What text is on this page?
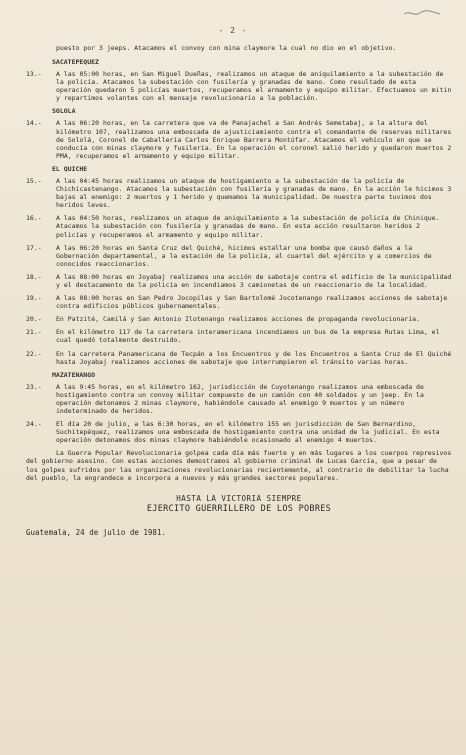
- 2 -
puesto por 3 jeeps. Atacamos el convoy con mina claymore la cual no dio en el objetivo.
SACATEPEQUEZ
13.-	A las 05:00 horas, en San Miguel Dueñas, realizamos un ataque de aniquilamiento a la subestación de la policía. Atacamos la subestación con fusilería y granadas de mano. Como resultado de esta operación quedaron 5 policías muertos, recuperamos el armamento y equipo militar. Efectuamos un mitin y repartimos volantes con el mensaje revolucionario a la población.
SOLOLA
14.-	A las 06:20 horas, en la carretera que va de Panajachel a San Andrés Semetabaj, a la altura del kilómetro 107, realizamos una emboscada de ajusticiamiento contra el comandante de reservas militares de Sololá, Coronel de Caballería Carlos Enrique Barrera Montúfar. Atacamos el vehículo en que se conducía con minas claymore y fusilería. En la operación el coronel salió herido y quedaron muertos 2 PMA, recuperamos el armamento y equipo militar.
EL QUICHE
15.-	A las 04:45 horas realizamos un ataque de hostigamiento a la subestación de la policía de Chichicastenango. Atacamos la subestación con fusilería y granadas de mano. En la acción le hicimos 3 bajas al enemigo: 2 muertos y 1 herido y quemamos la municipalidad. De nuestra parte tuvimos dos heridos leves.
16.-	A las 04:50 horas, realizamos un ataque de aniquilamiento a la subestación de policía de Chinique. Atacamos la subestación con fusilería y granadas de mano. En esta acción resultaron heridos 2 policías y recuperamos el armamento y equipo militar.
17.-	A las 06:20 horas en Santa Cruz del Quiché, hicimos estallar una bomba que causó daños a la Gobernación departamental, a la estación de la policía, al cuartel del ejército y a comercios de conocidos reaccionarios.
18.-	A las 08:00 horas en Joyabaj realizamos una acción de sabotaje contra el edificio de la municipalidad y el destacamento de la policía en incendiamos 3 camionetas de un reaccionario de la localidad.
19.-	A las 08:00 horas en San Pedro Jocopilas y San Bartolomé Jocotenango realizamos acciones de sabotaje contra edificios públicos gubernamentales.
20.-	En Patzité, Camilá y San Antonio Ilotenango realizamos acciones de propaganda revolucionaria.
21.-	En el kilómetro 117 de la carretera interamericana incendiamos un bus de la empresa Rutas Lima, el cual quedó totalmente destruido.
22.-	En la carretera Panamericana de Tecpán a los Encuentros y de los Encuentros a Santa Cruz de El Quiché hasta Joyabaj realizamos acciones de sabotaje que interrumpieron el tránsito varias horas.
MAZATENANGO
23.-	A las 9:45 horas, en el kilómetro 162, jurisdicción de Cuyotenango realizamos una emboscada de hostigamiento contra un convoy militar compuesto de un camión con 40 soldados y un jeep. En la operación detonamos 2 minas claymore, habiéndole causado al enemigo 9 muertos y un número indeterminado de heridos.
24.-	El día 20 de julio, a las 6:30 horas, en el kilómetro 155 en jurisdicción de San Bernardino, Suchitepéquez, realizamos una emboscada de hostigamiento contra una unidad de la judicial. En esta operación detonamos dos minas claymore habiéndole ocasionado al enemigo 4 muertos.
La Guerra Popular Revolucionaria golpea cada día más fuerte y en más lugares a los cuerpos represivos del gobierno asesino. Con estas acciones demostramos al gobierno criminal de Lucas García, que a pesar de los golpes sufridos por las organizaciones revolucionarias recientemente, al contrario de debilitar la lucha del pueblo, la engrandece e incorpora a nuevos y más grandes sectores populares.
HASTA LA VICTORIA SIEMPRE
EJERCITO GUERRILLERO DE LOS POBRES
Guatemala, 24 de julio de 1981.
